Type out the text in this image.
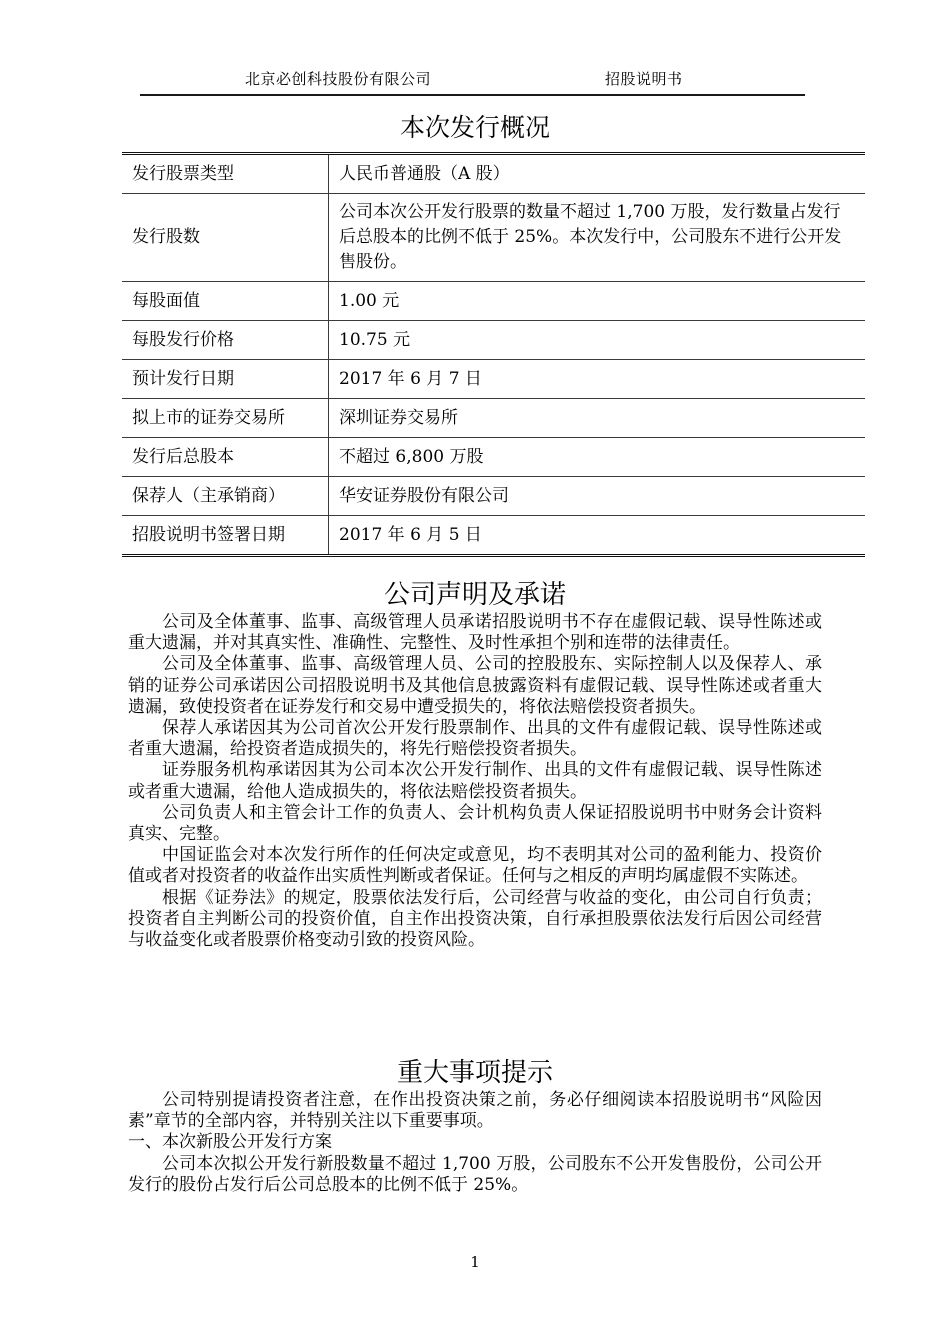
北京必创科技股份有限公司	招股说明书
本次发行概况
发行股票类型	人民币普通股（A 股）
发行股数	公司本次公开发行股票的数量不超过 1,700 万股，发行数量占发行后总股本的比例不低于 25%。本次发行中，公司股东不进行公开发售股份。
每股面值	1.00 元
每股发行价格	10.75 元
预计发行日期	2017 年 6 月 7 日
拟上市的证券交易所	深圳证券交易所
发行后总股本	不超过 6,800 万股
保荐人（主承销商）	华安证券股份有限公司
招股说明书签署日期	2017 年 6 月 5 日
公司声明及承诺

公司及全体董事、监事、高级管理人员承诺招股说明书不存在虚假记载、误导性陈述或重大遗漏，并对其真实性、准确性、完整性、及时性承担个别和连带的法律责任。

公司及全体董事、监事、高级管理人员、公司的控股股东、实际控制人以及保荐人、承销的证券公司承诺因公司招股说明书及其他信息披露资料有虚假记载、误导性陈述或者重大遗漏，致使投资者在证券发行和交易中遭受损失的，将依法赔偿投资者损失。

保荐人承诺因其为公司首次公开发行股票制作、出具的文件有虚假记载、误导性陈述或者重大遗漏，给投资者造成损失的，将先行赔偿投资者损失。

证券服务机构承诺因其为公司本次公开发行制作、出具的文件有虚假记载、误导性陈述或者重大遗漏，给他人造成损失的，将依法赔偿投资者损失。

公司负责人和主管会计工作的负责人、会计机构负责人保证招股说明书中财务会计资料真实、完整。

中国证监会对本次发行所作的任何决定或意见，均不表明其对公司的盈利能力、投资价值或者对投资者的收益作出实质性判断或者保证。任何与之相反的声明均属虚假不实陈述。

根据《证券法》的规定，股票依法发行后，公司经营与收益的变化，由公司自行负责；投资者自主判断公司的投资价值，自主作出投资决策，自行承担股票依法发行后因公司经营与收益变化或者股票价格变动引致的投资风险。

重大事项提示

公司特别提请投资者注意，在作出投资决策之前，务必仔细阅读本招股说明书“风险因素”章节的全部内容，并特别关注以下重要事项。

一、本次新股公开发行方案

公司本次拟公开发行新股数量不超过 1,700 万股，公司股东不公开发售股份，公司公开发行的股份占发行后公司总股本的比例不低于 25%。

1
